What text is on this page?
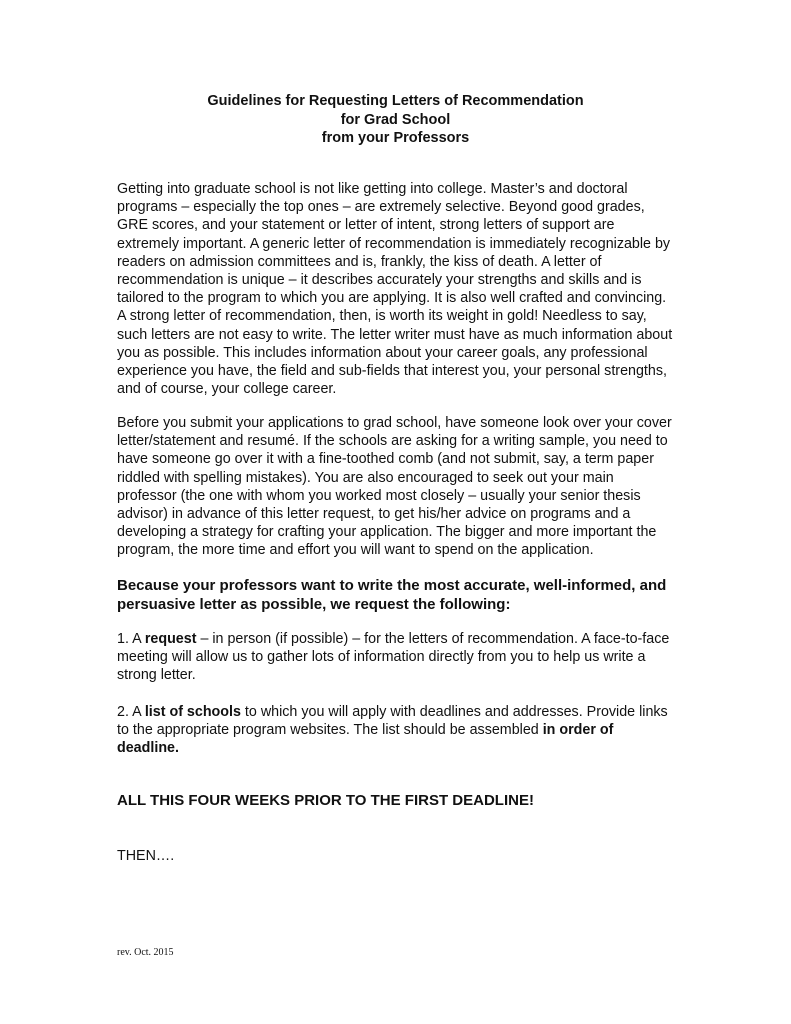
Guidelines for Requesting Letters of Recommendation
for Grad School
from your Professors
Getting into graduate school is not like getting into college. Master’s and doctoral programs – especially the top ones – are extremely selective. Beyond good grades, GRE scores, and your statement or letter of intent, strong letters of support are extremely important. A generic letter of recommendation is immediately recognizable by readers on admission committees and is, frankly, the kiss of death. A letter of recommendation is unique – it describes accurately your strengths and skills and is tailored to the program to which you are applying. It is also well crafted and convincing. A strong letter of recommendation, then, is worth its weight in gold! Needless to say, such letters are not easy to write. The letter writer must have as much information about you as possible. This includes information about your career goals, any professional experience you have, the field and sub-fields that interest you, your personal strengths, and of course, your college career.
Before you submit your applications to grad school, have someone look over your cover letter/statement and resumé. If the schools are asking for a writing sample, you need to have someone go over it with a fine-toothed comb (and not submit, say, a term paper riddled with spelling mistakes). You are also encouraged to seek out your main professor (the one with whom you worked most closely – usually your senior thesis advisor) in advance of this letter request, to get his/her advice on programs and a developing a strategy for crafting your application. The bigger and more important the program, the more time and effort you will want to spend on the application.
Because your professors want to write the most accurate, well-informed, and persuasive letter as possible, we request the following:
1. A request – in person (if possible) – for the letters of recommendation. A face-to-face meeting will allow us to gather lots of information directly from you to help us write a strong letter.
2. A list of schools to which you will apply with deadlines and addresses. Provide links to the appropriate program websites. The list should be assembled in order of deadline.
ALL THIS FOUR WEEKS PRIOR TO THE FIRST DEADLINE!
THEN….
rev. Oct. 2015
